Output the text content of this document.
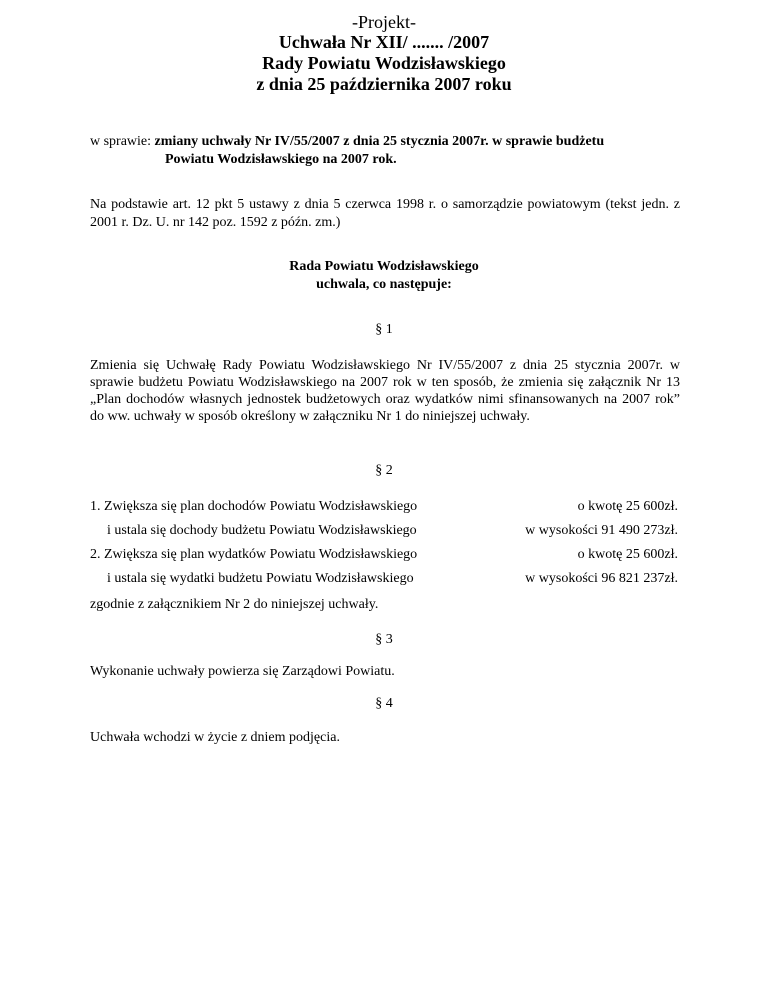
-Projekt-
Uchwała Nr XII/ ....... /2007
Rady Powiatu Wodzisławskiego
z dnia 25 października 2007 roku
w sprawie: zmiany uchwały Nr IV/55/2007 z dnia 25 stycznia 2007r. w sprawie budżetu
Powiatu Wodzisławskiego na 2007 rok.
Na podstawie art. 12 pkt 5 ustawy z dnia 5 czerwca 1998 r. o samorządzie powiatowym (tekst jedn. z 2001 r. Dz. U. nr 142 poz. 1592 z późn. zm.)
Rada Powiatu Wodzisławskiego
uchwala, co następuje:
§ 1
Zmienia się Uchwałę Rady Powiatu Wodzisławskiego Nr IV/55/2007 z dnia 25 stycznia 2007r. w sprawie budżetu Powiatu Wodzisławskiego na 2007 rok w ten sposób, że zmienia się załącznik Nr 13 „Plan dochodów własnych jednostek budżetowych oraz wydatków nimi sfinansowanych na 2007 rok” do ww. uchwały w sposób określony w załączniku Nr 1 do niniejszej uchwały.
§ 2
1. Zwiększa się plan dochodów Powiatu Wodzisławskiego	o kwotę 25 600zł.
i ustala się dochody budżetu Powiatu Wodzisławskiego	w wysokości 91 490 273zł.
2. Zwiększa się plan wydatków Powiatu Wodzisławskiego	o kwotę 25 600zł.
i ustala się wydatki budżetu Powiatu Wodzisławskiego	w wysokości 96 821 237zł.
zgodnie z załącznikiem Nr 2 do niniejszej uchwały.
§ 3
Wykonanie uchwały powierza się Zarządowi Powiatu.
§ 4
Uchwała wchodzi w życie z dniem podjęcia.
